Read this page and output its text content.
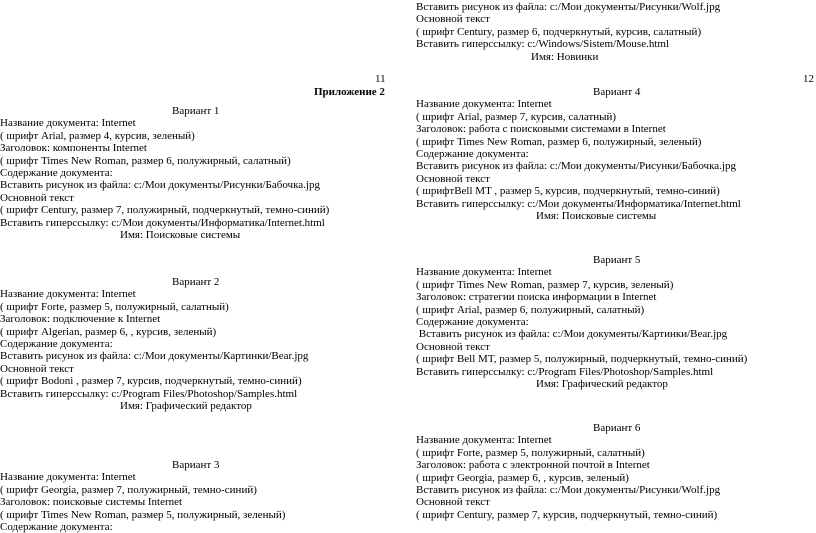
Вставить рисунок из файла: c:/Мои документы/Рисунки/Wolf.jpg
Основной текст
( шрифт Century, размер 6, подчеркнутый, курсив, салатный)
Вставить гиперссылку: c:/Windows/Sistem/Mouse.html
Имя: Новинки
11	12
Приложение 2
Вариант 1
Название документа: Internet
( шрифт Arial, размер 4, курсив, зеленый)
Заголовок: компоненты Internet
( шрифт Times New Roman, размер 6, полужирный, салатный)
Содержание документа:
Вставить рисунок из файла: c:/Мои документы/Рисунки/Бабочка.jpg
Основной текст
( шрифт Century, размер 7, полужирный, подчеркнутый, темно-синий)
Вставить гиперссылку: c:/Мои документы/Информатика/Internet.html
Имя: Поисковые системы
Вариант 2
Название документа: Internet
( шрифт Forte, размер 5, полужирный, салатный)
Заголовок: подключение к Internet
( шрифт Algerian, размер 6, , курсив, зеленый)
Содержание документа:
Вставить рисунок из файла: c:/Мои документы/Картинки/Bear.jpg
Основной текст
( шрифт Bodoni , размер 7, курсив, подчеркнутый, темно-синий)
Вставить гиперссылку: c:/Program Files/Photoshop/Samples.html
Имя: Графический редактор
Вариант 3
Название документа: Internet
( шрифт Georgia, размер 7, полужирный, темно-синий)
Заголовок: поисковые системы Internet
( шрифт Times New Roman, размер 5, полужирный, зеленый)
Содержание документа:
Вариант 4
Название документа: Internet
( шрифт Arial, размер 7, курсив, салатный)
Заголовок: работа с поисковыми системами в Internet
( шрифт Times New Roman, размер 6, полужирный, зеленый)
Содержание документа:
Вставить рисунок из файла: c:/Мои документы/Рисунки/Бабочка.jpg
Основной текст
( шрифтBell MT , размер 5, курсив, подчеркнутый, темно-синий)
Вставить гиперссылку: c:/Мои документы/Информатика/Internet.html
Имя: Поисковые системы
Вариант 5
Название документа: Internet
( шрифт Times New Roman, размер 7, курсив, зеленый)
Заголовок: стратегии поиска информации в Internet
( шрифт Arial, размер 6, полужирный, салатный)
Содержание документа:
Вставить рисунок из файла: c:/Мои документы/Картинки/Bear.jpg
Основной текст
( шрифт Bell MT, размер 5, полужирный, подчеркнутый, темно-синий)
Вставить гиперссылку: c:/Program Files/Photoshop/Samples.html
Имя: Графический редактор
Вариант 6
Название документа: Internet
( шрифт Forte, размер 5, полужирный, салатный)
Заголовок: работа с электронной почтой в Internet
( шрифт Georgia, размер 6, , курсив, зеленый)
Вставить рисунок из файла: c:/Мои документы/Рисунки/Wolf.jpg
Основной текст
( шрифт Century, размер 7, курсив, подчеркнутый, темно-синий)
